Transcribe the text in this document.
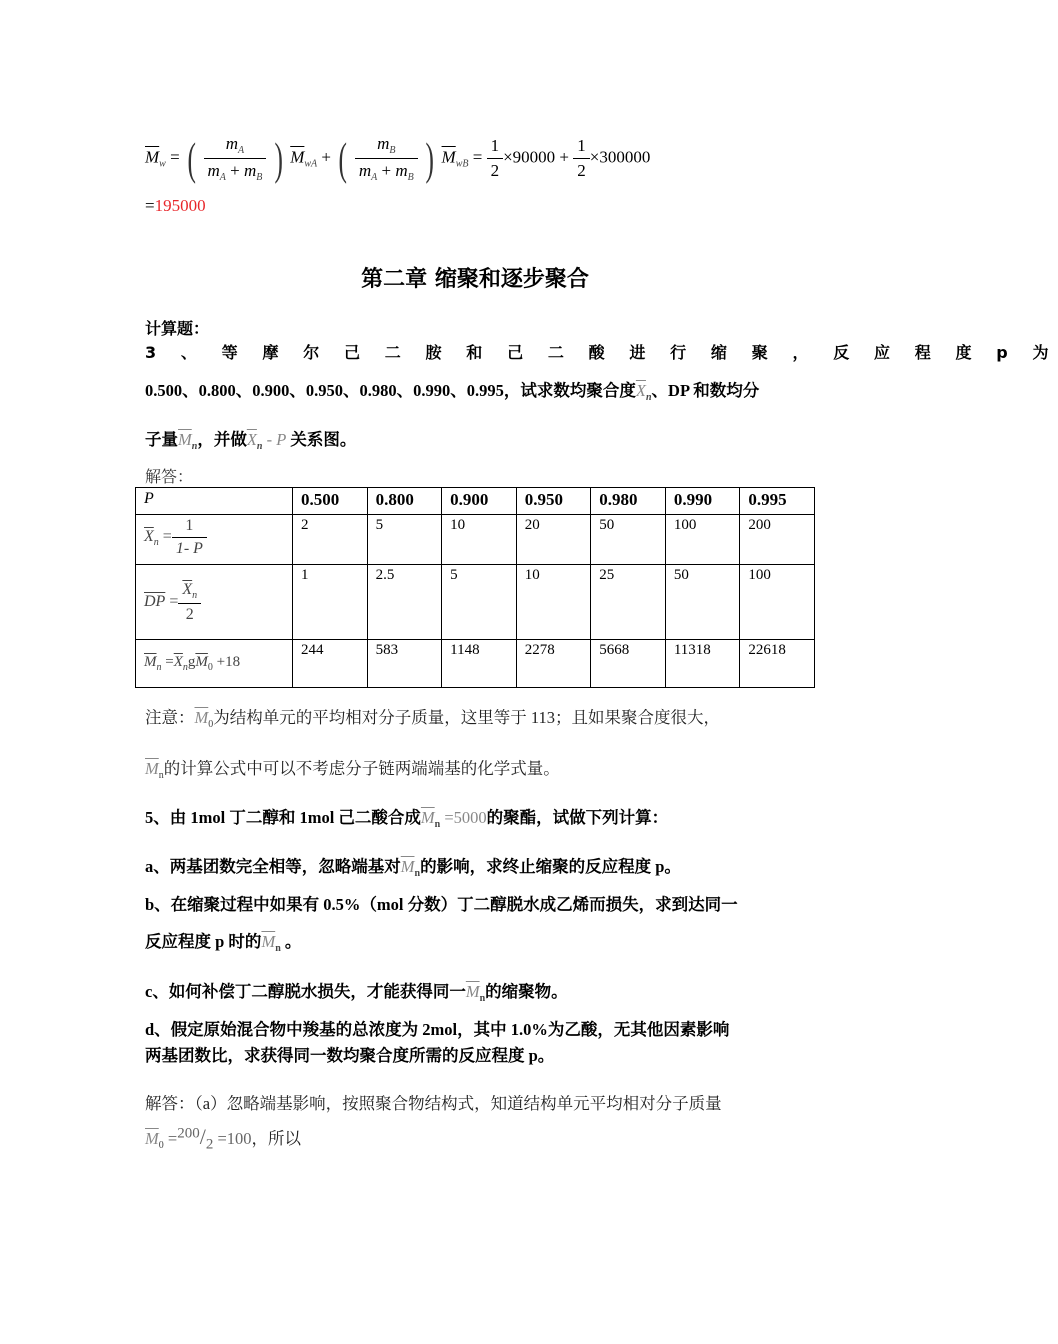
$\overline{M}_w$ = ( $\frac{m_A}{m_A + m_B}$ ) $\overline{M}_{wA}$ + ( $\frac{m_B}{m_A + m_B}$ ) $\overline{M}_{wB} = \frac{1}{2} \times 90000 + \frac{1}{2} \times 300000$
=195000
第二章 缩聚和逐步聚合
计算题：
3 、 等 摩 尔 己 二 胺 和 己 二 酸 进 行 缩 聚 ， 反 应 程 度 p 为
0.500、0.800、0.900、0.950、0.980、0.990、0.995，试求数均聚合度$\overline{X}_n$、DP 和数均分
子量$\overline{M}_n$，并做$\overline{X}_n$ - P 关系图。
解答：
P	0.500	0.800	0.900	0.950	0.980	0.990	0.995
$\overline{X}_n = \frac{1}{1- P}$	2	5	10	20	50	100	200
$\overline{DP} = \frac{\overline{X}_n}{2}$	1	2.5	5	10	25	50	100
$\overline{M}_n =\overline{X}_ng\overline{M}_0 +18$	244	583	1148	2278	5668	11318	22618
注意：$\overline{M}_0$为结构单元的平均相对分子质量，这里等于 113；且如果聚合度很大，
$\overline{M}_n$的计算公式中可以不考虑分子链两端端基的化学式量。
5、由 1mol 丁二醇和 1mol 己二酸合成$\overline{M}_n =5000$的聚酯，试做下列计算：
a、两基团数完全相等，忽略端基对$\overline{M}_n$的影响，求终止缩聚的反应程度 p。
b、在缩聚过程中如果有 0.5%（mol 分数）丁二醇脱水成乙烯而损失，求到达同一
反应程度 p 时的$\overline{M}_n$ 。
c、如何补偿丁二醇脱水损失，才能获得同一$\overline{M}_n$的缩聚物。
d、假定原始混合物中羧基的总浓度为 2mol，其中 1.0%为乙酸，无其他因素影响
两基团数比，求获得同一数均聚合度所需的反应程度 p。
解答：（a）忽略端基影响，按照聚合物结构式，知道结构单元平均相对分子质量
$\overline{M}_0 =^{200}/_2 =100$，所以
